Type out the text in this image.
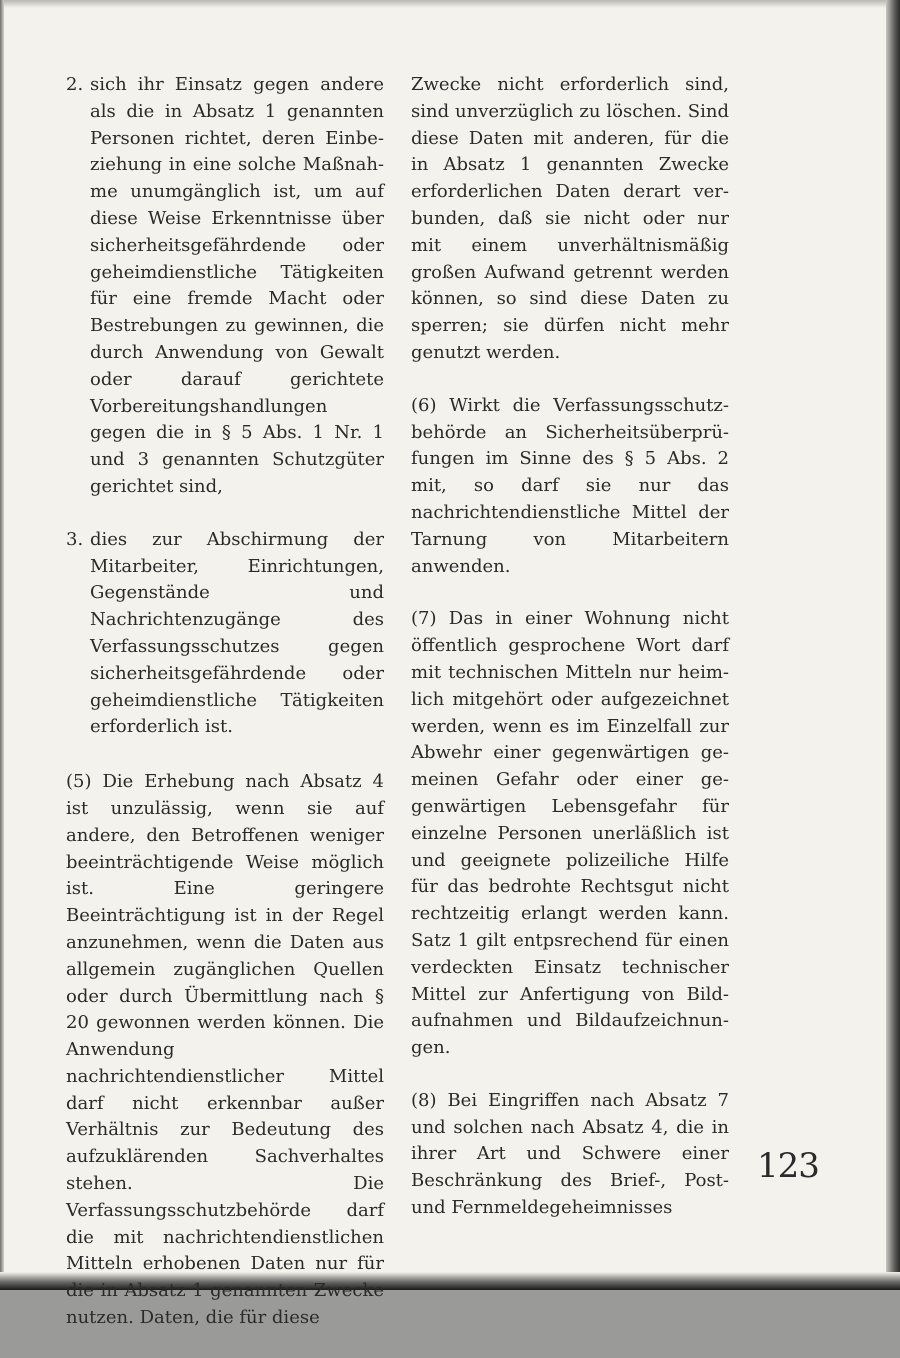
2. sich ihr Einsatz gegen andere als die in Absatz 1 genannten Personen richtet, deren Einbeziehung in eine solche Maßnahme unumgänglich ist, um auf diese Weise Erkenntnisse über sicherheitsgefährdende oder geheimdienstliche Tätigkeiten für eine fremde Macht oder Bestrebungen zu gewinnen, die durch Anwendung von Gewalt oder darauf gerichtete Vorbereitungshandlungen gegen die in § 5 Abs. 1 Nr. 1 und 3 genannten Schutzgüter gerichtet sind,
3. dies zur Abschirmung der Mitarbeiter, Einrichtungen, Gegenstände und Nachrichtenzugänge des Verfassungsschutzes gegen sicherheitsgefährdende oder geheimdienstliche Tätigkeiten erforderlich ist.

(5) Die Erhebung nach Absatz 4 ist unzulässig, wenn sie auf andere, den Betroffenen weniger beeinträchtigende Weise möglich ist. Eine geringere Beeinträchtigung ist in der Regel anzunehmen, wenn die Daten aus allgemein zugänglichen Quellen oder durch Übermittlung nach § 20 gewonnen werden können. Die Anwendung nachrichtendienstlicher Mittel darf nicht erkennbar außer Verhältnis zur Bedeutung des aufzuklärenden Sachverhaltes stehen. Die Verfassungsschutzbehörde darf die mit nachrichtendienstlichen Mitteln erhobenen Daten nur für die in Absatz 1 genannten Zwecke nutzen. Daten, die für diese

Zwecke nicht erforderlich sind, sind unverzüglich zu löschen. Sind diese Daten mit anderen, für die in Absatz 1 genannten Zwecke erforderlichen Daten derart verbunden, daß sie nicht oder nur mit einem unverhältnismäßig großen Aufwand getrennt werden können, so sind diese Daten zu sperren; sie dürfen nicht mehr genutzt werden.

(6) Wirkt die Verfassungsschutzbehörde an Sicherheitsüberprüfungen im Sinne des § 5 Abs. 2 mit, so darf sie nur das nachrichtendienstliche Mittel der Tarnung von Mitarbeitern anwenden.

(7) Das in einer Wohnung nicht öffentlich gesprochene Wort darf mit technischen Mitteln nur heimlich mitgehört oder aufgezeichnet werden, wenn es im Einzelfall zur Abwehr einer gegenwärtigen gemeinen Gefahr oder einer gegenwärtigen Lebensgefahr für einzelne Personen unerläßlich ist und geeignete polizeiliche Hilfe für das bedrohte Rechtsgut nicht rechtzeitig erlangt werden kann. Satz 1 gilt entpsrechend für einen verdeckten Einsatz technischer Mittel zur Anfertigung von Bildaufnahmen und Bildaufzeichnungen.

(8) Bei Eingriffen nach Absatz 7 und solchen nach Absatz 4, die in ihrer Art und Schwere einer Beschränkung des Brief-, Post- und Fernmeldegeheimnisses

123
